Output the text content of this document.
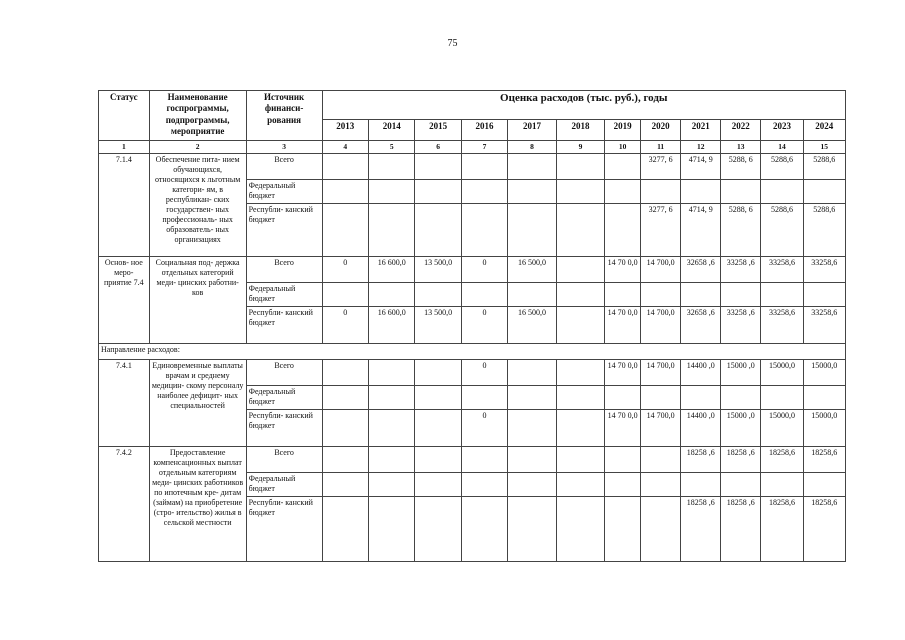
75
Статус	Наименование госпрограммы, подпрограммы, мероприятие	Источник финанси- рования	Оценка расходов (тыс. руб.), годы											
			2013	2014	2015	2016	2017	2018	2019	2020	2021	2022	2023	2024
1	2	3	4	5	6	7	8	9	10	11	12	13	14	15
7.1.4	Обеспечение пита- нием обучающихся, относящихся к льготным категори- ям, в республикан- ских государствен- ных профессиональ- ных образователь- ных организациях	Всего								3277, 6	4714, 9	5288, 6	5288,6	5288,6
		Федеральный бюджет												
		Республи- канский бюджет								3277, 6	4714, 9	5288, 6	5288,6	5288,6
Основ- ное меро- приятие 7.4	Социальная под- держка отдельных категорий меди- цинских работни- ков	Всего	0	16 600,0	13 500,0	0	16 500,0		14 70 0,0	14 700,0	32658 ,6	33258 ,6	33258,6	33258,6
		Федеральный бюджет												
		Республи- канский бюджет	0	16 600,0	13 500,0	0	16 500,0		14 70 0,0	14 700,0	32658 ,6	33258 ,6	33258,6	33258,6
Направление расходов:														
7.4.1	Единовременные выплаты врачам и среднему медицин- скому персоналу наиболее дефицит- ных специальностей	Всего				0			14 70 0,0	14 700,0	14400 ,0	15000 ,0	15000,0	15000,0
		Федеральный бюджет												
		Республи- канский бюджет				0			14 70 0,0	14 700,0	14400 ,0	15000 ,0	15000,0	15000,0
7.4.2	Предоставление компенсационных выплат отдельным категориям меди- цинских работников по ипотечным кре- дитам (займам) на приобретение (стро- ительство) жилья в сельской местности	Всего									18258 ,6	18258 ,6	18258,6	18258,6
		Федеральный бюджет												
		Республи- канский бюджет									18258 ,6	18258 ,6	18258,6	18258,6
